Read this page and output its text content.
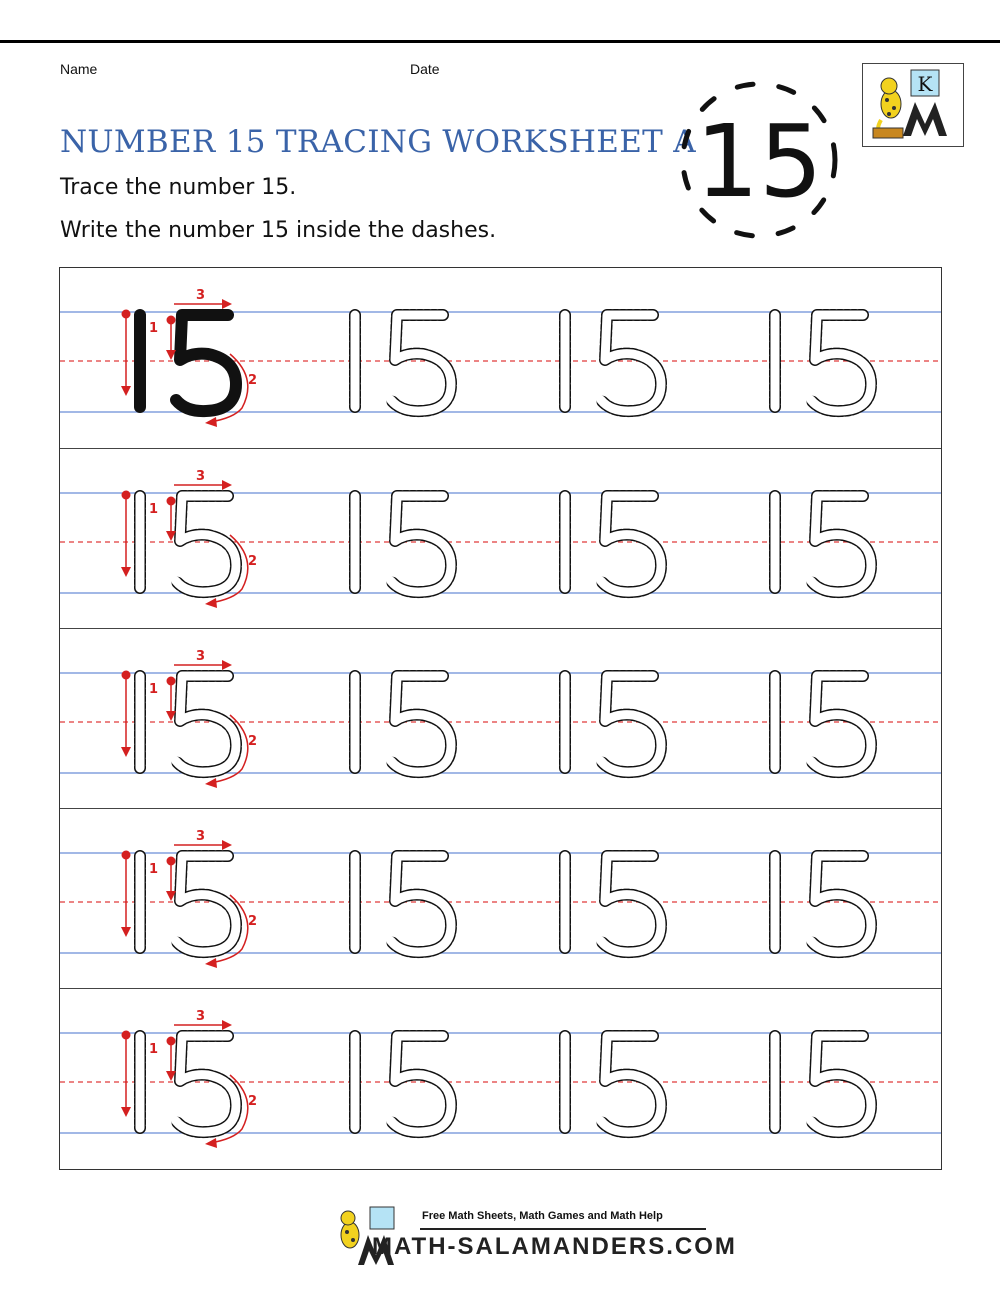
Name	Date
NUMBER 15 TRACING WORKSHEET A
Trace the number 15.
Write the number 15 inside the dashes.
15
K
1
2
3
1
2
3
1
2
3
1
2
3
1
2
3
Free Math Sheets, Math Games and Math Help
MATH-SALAMANDERS.COM
